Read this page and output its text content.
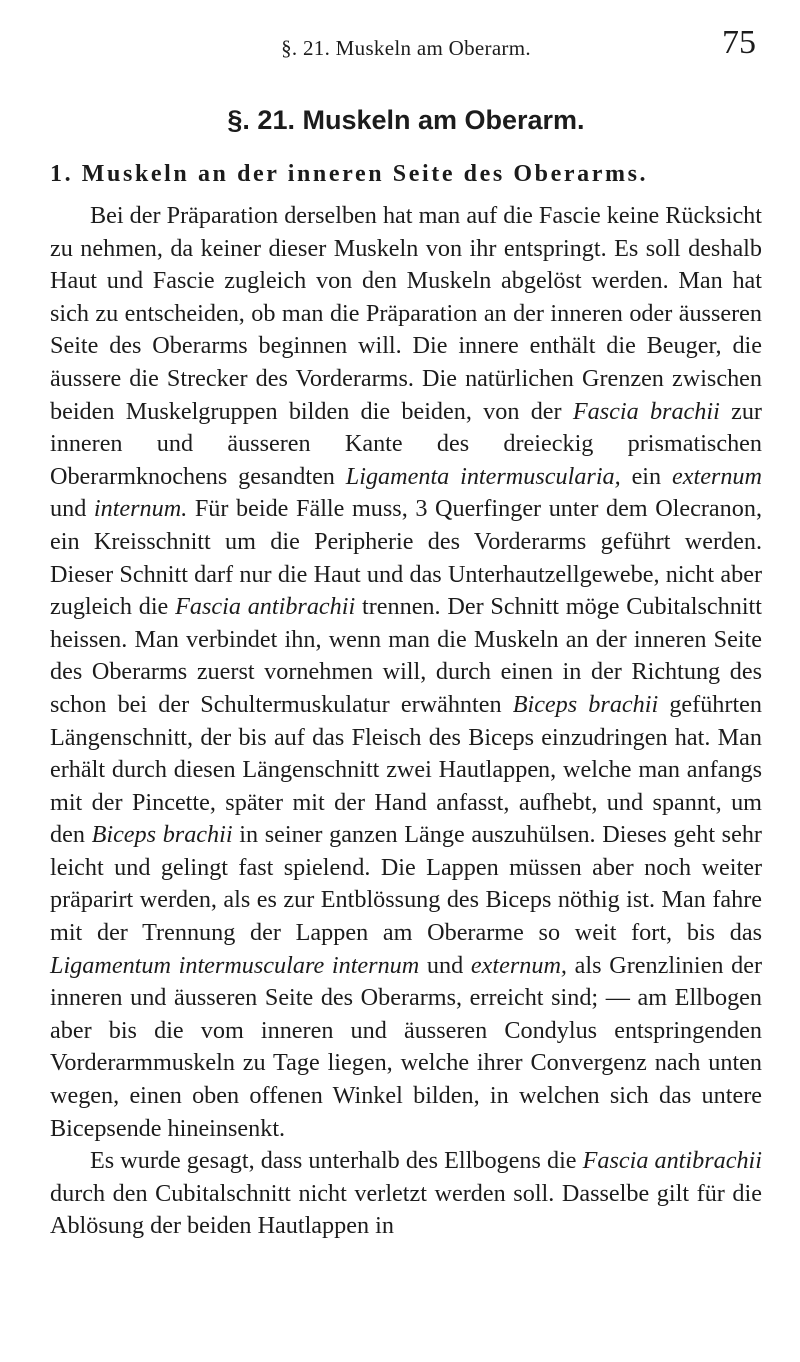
§. 21. Muskeln am Oberarm.	75
§. 21. Muskeln am Oberarm.
1. Muskeln an der inneren Seite des Oberarms.

Bei der Präparation derselben hat man auf die Fascie keine Rücksicht zu nehmen, da keiner dieser Muskeln von ihr entspringt. Es soll deshalb Haut und Fascie zugleich von den Muskeln abgelöst werden. Man hat sich zu entscheiden, ob man die Präparation an der inneren oder äusseren Seite des Oberarms beginnen will. Die innere enthält die Beuger, die äussere die Strecker des Vorderarms. Die natürlichen Grenzen zwischen beiden Muskelgruppen bilden die beiden, von der Fascia brachii zur inneren und äusseren Kante des dreieckig prismatischen Oberarmknochens gesandten Ligamenta intermuscularia, ein externum und internum. Für beide Fälle muss, 3 Querfinger unter dem Olecranon, ein Kreisschnitt um die Peripherie des Vorderarms geführt werden. Dieser Schnitt darf nur die Haut und das Unterhautzellgewebe, nicht aber zugleich die Fascia antibrachii trennen. Der Schnitt möge Cubitalschnitt heissen. Man verbindet ihn, wenn man die Muskeln an der inneren Seite des Oberarms zuerst vornehmen will, durch einen in der Richtung des schon bei der Schultermuskulatur erwähnten Biceps brachii geführten Längenschnitt, der bis auf das Fleisch des Biceps einzudringen hat. Man erhält durch diesen Längenschnitt zwei Hautlappen, welche man anfangs mit der Pincette, später mit der Hand anfasst, aufhebt, und spannt, um den Biceps brachii in seiner ganzen Länge auszuhülsen. Dieses geht sehr leicht und gelingt fast spielend. Die Lappen müssen aber noch weiter präparirt werden, als es zur Entblössung des Biceps nöthig ist. Man fahre mit der Trennung der Lappen am Oberarme so weit fort, bis das Ligamentum intermusculare internum und externum, als Grenzlinien der inneren und äusseren Seite des Oberarms, erreicht sind; — am Ellbogen aber bis die vom inneren und äusseren Condylus entspringenden Vorderarmmuskeln zu Tage liegen, welche ihrer Convergenz nach unten wegen, einen oben offenen Winkel bilden, in welchen sich das untere Bicepsende hineinsenkt.

Es wurde gesagt, dass unterhalb des Ellbogens die Fascia antibrachii durch den Cubitalschnitt nicht verletzt werden soll. Dasselbe gilt für die Ablösung der beiden Hautlappen in
